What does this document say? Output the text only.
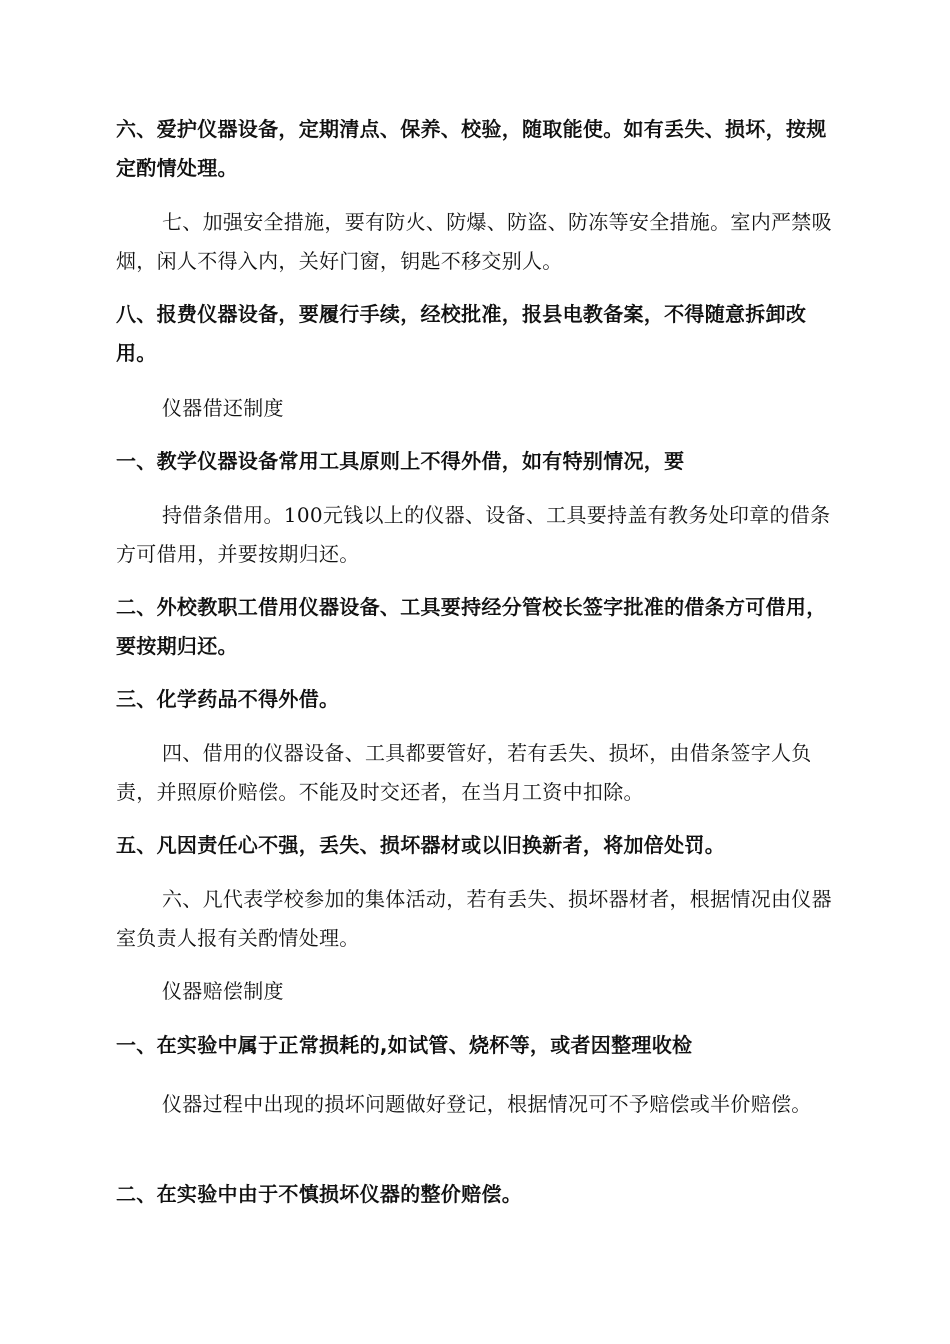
六、爱护仪器设备，定期清点、保养、校验，随取能使。如有丢失、损坏，按规定酌情处理。

七、加强安全措施，要有防火、防爆、防盗、防冻等安全措施。室内严禁吸烟，闲人不得入内，关好门窗，钥匙不移交别人。

八、报费仪器设备，要履行手续，经校批准，报县电教备案，不得随意拆卸改用。

仪器借还制度

一、教学仪器设备常用工具原则上不得外借，如有特别情况，要

持借条借用。100元钱以上的仪器、设备、工具要持盖有教务处印章的借条方可借用，并要按期归还。

二、外校教职工借用仪器设备、工具要持经分管校长签字批准的借条方可借用，要按期归还。

三、化学药品不得外借。

四、借用的仪器设备、工具都要管好，若有丢失、损坏，由借条签字人负责，并照原价赔偿。不能及时交还者，在当月工资中扣除。

五、凡因责任心不强，丢失、损坏器材或以旧换新者，将加倍处罚。

六、凡代表学校参加的集体活动，若有丢失、损坏器材者，根据情况由仪器室负责人报有关酌情处理。

仪器赔偿制度

一、在实验中属于正常损耗的,如试管、烧杯等，或者因整理收检

仪器过程中出现的损坏问题做好登记，根据情况可不予赔偿或半价赔偿。

二、在实验中由于不慎损坏仪器的整价赔偿。
